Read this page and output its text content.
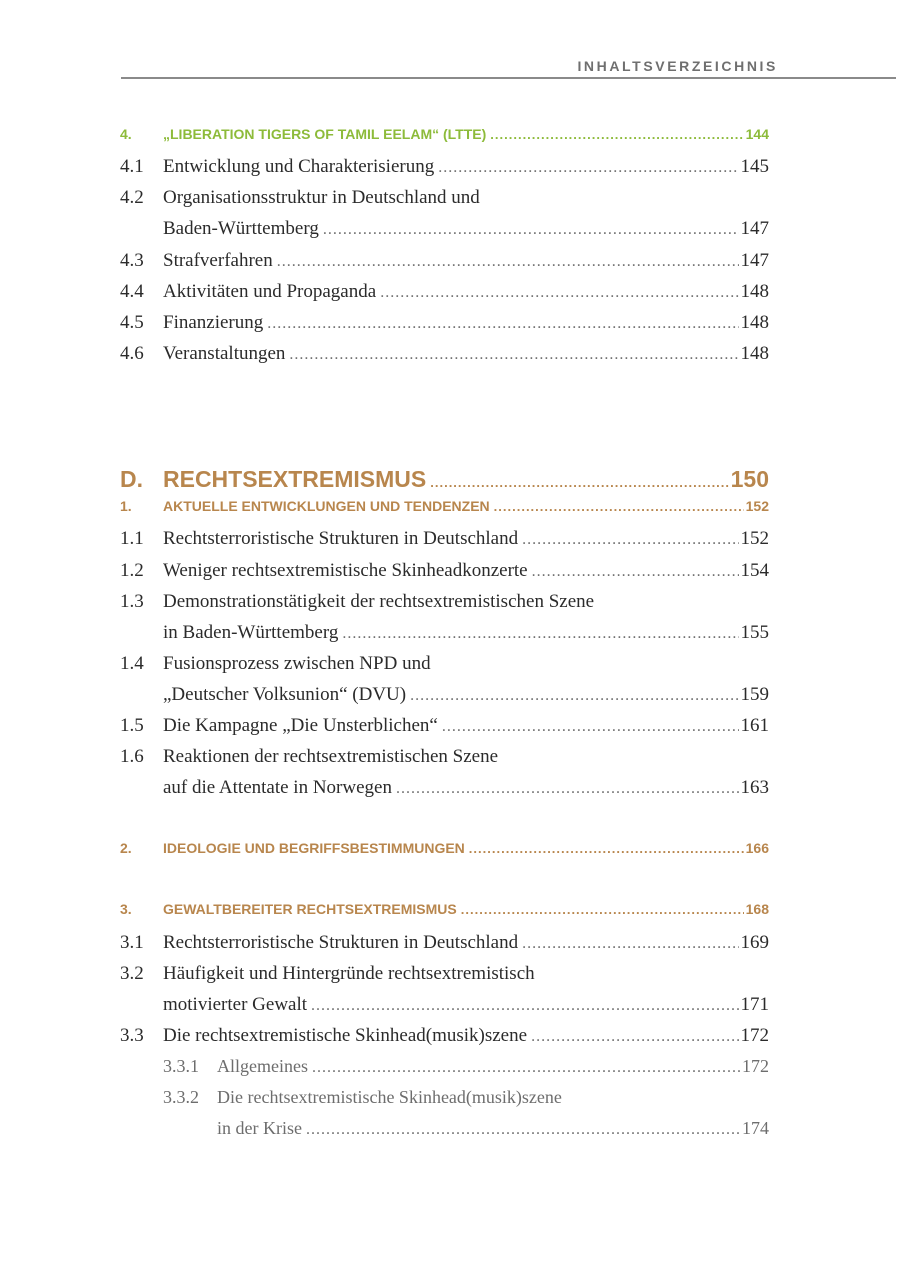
INHALTSVERZEICHNIS
4. „LIBERATION TIGERS OF TAMIL EELAM“ (LTTE) .....	144
4.1 Entwicklung und Charakterisierung .....	145
4.2 Organisationsstruktur in Deutschland und
Baden-Württemberg .....	147
4.3 Strafverfahren .....	147
4.4 Aktivitäten und Propaganda .....	148
4.5 Finanzierung .....	148
4.6 Veranstaltungen .....	148
D. RECHTSEXTREMISMUS .....	150
1. AKTUELLE ENTWICKLUNGEN UND TENDENZEN .....	152
1.1 Rechtsterroristische Strukturen in Deutschland .....	152
1.2 Weniger rechtsextremistische Skinheadkonzerte .....	154
1.3 Demonstrationstätigkeit der rechtsextremistischen Szene
in Baden-Württemberg .....	155
1.4 Fusionsprozess zwischen NPD und
„Deutscher Volksunion“ (DVU) .....	159
1.5 Die Kampagne „Die Unsterblichen“ .....	161
1.6 Reaktionen der rechtsextremistischen Szene
auf die Attentate in Norwegen .....	163
2. IDEOLOGIE UND BEGRIFFSBESTIMMUNGEN .....	166
3. GEWALTBEREITER RECHTSEXTREMISMUS .....	168
3.1 Rechtsterroristische Strukturen in Deutschland .....	169
3.2 Häufigkeit und Hintergründe rechtsextremistisch
motivierter Gewalt .....	171
3.3 Die rechtsextremistische Skinhead(musik)szene .....	172
3.3.1 Allgemeines .....	172
3.3.2 Die rechtsextremistische Skinhead(musik)szene
in der Krise .....	174
